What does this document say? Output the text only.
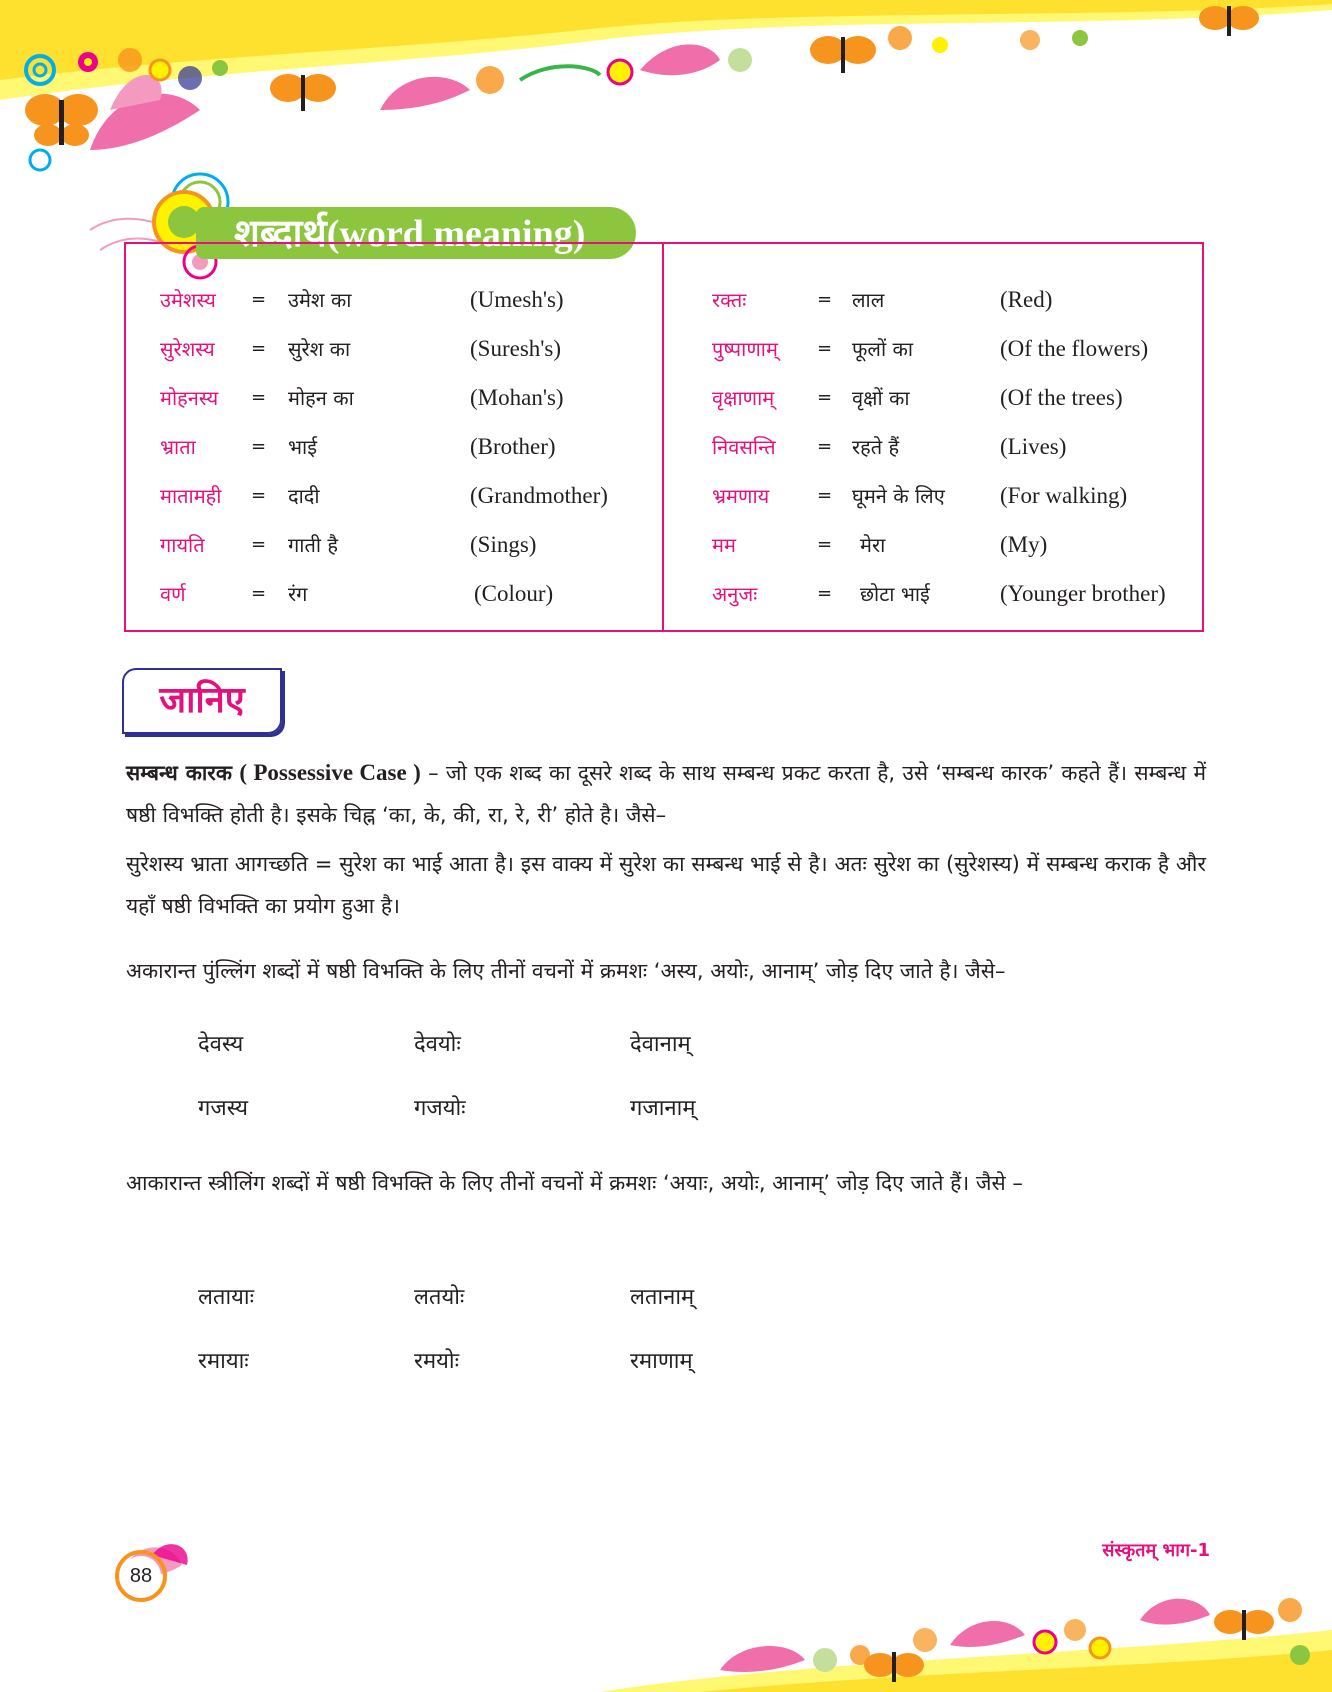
शब्दार्थ(word meaning)
उमेशस्य = उमेश का	(Umesh's)
सुरेशस्य = सुरेश का	(Suresh's)
मोहनस्य = मोहन का	(Mohan's)
भ्राता	= भाई	(Brother)
मातामही = दादी	(Grandmother)
गायति	= गाती है	(Sings)
वर्ण	= रंग	(Colour)
रक्तः	= लाल	(Red)
पुष्पाणाम् = फूलों का	(Of the flowers)
वृक्षाणाम् = वृक्षों का	(Of the trees)
निवसन्ति = रहते हैं	(Lives)
भ्रमणाय	= घूमने के लिए (For walking)
मम	= मेरा	(My)
अनुजः	= छोटा भाई	(Younger brother)
जानिए
सम्बन्ध कारक ( Possessive Case ) – जो एक शब्द का दूसरे शब्द के साथ सम्बन्ध प्रकट करता है, उसे ‘सम्बन्ध कारक’ कहते हैं। सम्बन्ध में षष्ठी विभक्ति होती है। इसके चिह्न ‘का, के, की, रा, रे, री’ होते है। जैसे–
सुरेशस्य भ्राता आगच्छति = सुरेश का भाई आता है। इस वाक्य में सुरेश का सम्बन्ध भाई से है। अतः सुरेश का (सुरेशस्य) में सम्बन्ध कराक है और यहाँ षष्ठी विभक्ति का प्रयोग हुआ है।
अकारान्त पुंल्लिंग शब्दों में षष्ठी विभक्ति के लिए तीनों वचनों में क्रमशः ‘अस्य, अयोः, आनाम्’ जोड़ दिए जाते है। जैसे–
देवस्य	देवयोः	देवानाम्
गजस्य	गजयोः	गजानाम्
आकारान्त स्त्रीलिंग शब्दों में षष्ठी विभक्ति के लिए तीनों वचनों में क्रमशः ‘अयाः, अयोः, आनाम्’ जोड़ दिए जाते हैं। जैसे –
लतायाः	लतयोः	लतानाम्
रमायाः	रमयोः	रमाणाम्
88
संस्कृतम् भाग-1
